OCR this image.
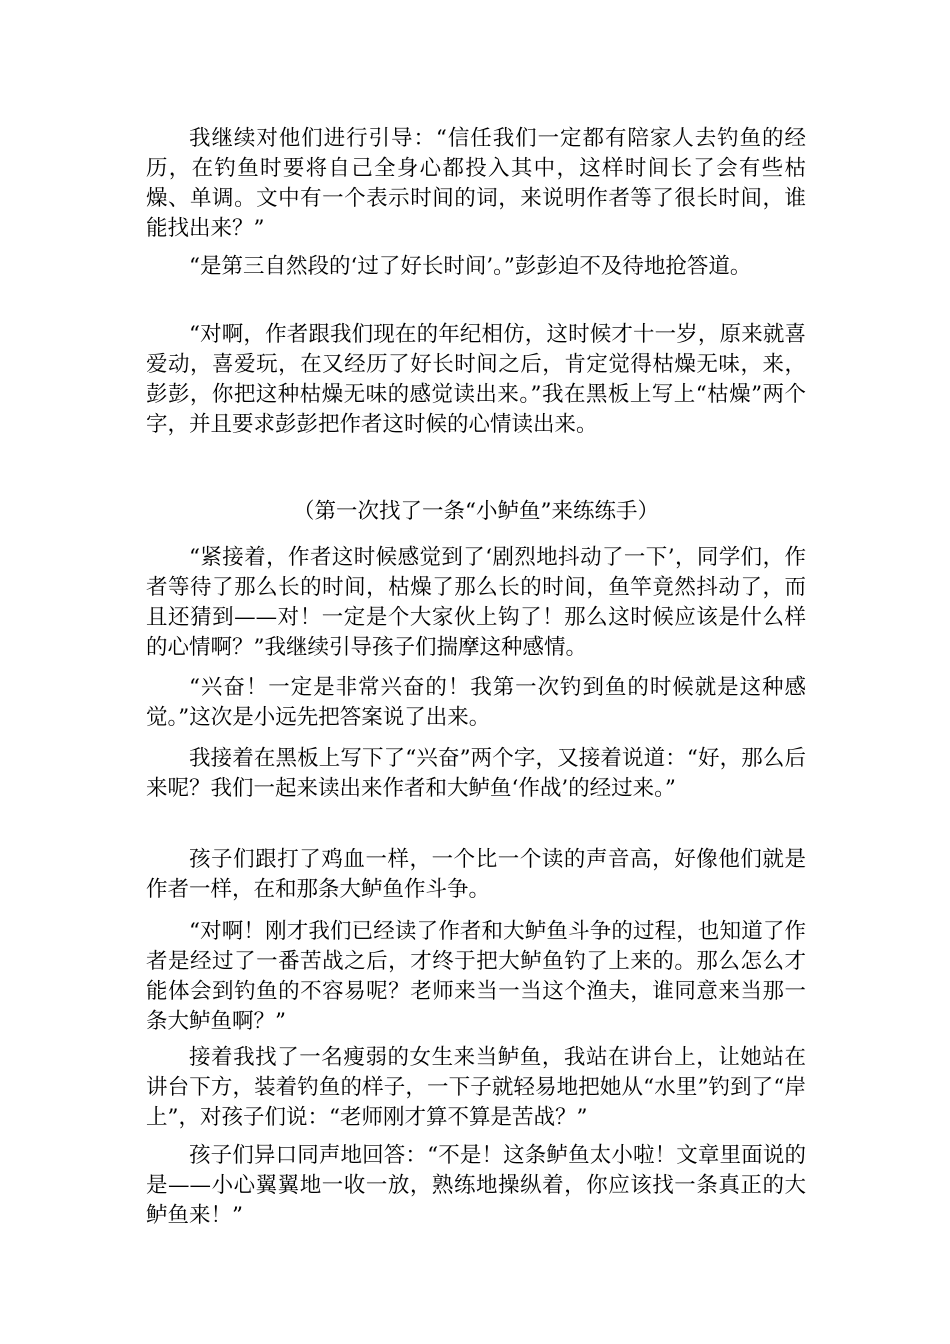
我继续对他们进行引导：“信任我们一定都有陪家人去钓鱼的经历，在钓鱼时要将自己全身心都投入其中，这样时间长了会有些枯燥、单调。文中有一个表示时间的词，来说明作者等了很长时间，谁能找出来？”

“是第三自然段的‘过了好长时间’。”彭彭迫不及待地抢答道。

“对啊，作者跟我们现在的年纪相仿，这时候才十一岁，原来就喜爱动，喜爱玩，在又经历了好长时间之后，肯定觉得枯燥无味，来，彭彭，你把这种枯燥无味的感觉读出来。”我在黑板上写上“枯燥”两个字，并且要求彭彭把作者这时候的心情读出来。

（第一次找了一条“小鲈鱼”来练练手）

“紧接着，作者这时候感觉到了‘剧烈地抖动了一下’，同学们，作者等待了那么长的时间，枯燥了那么长的时间，鱼竿竟然抖动了，而且还猜到——对！一定是个大家伙上钩了！那么这时候应该是什么样的心情啊？”我继续引导孩子们揣摩这种感情。

“兴奋！一定是非常兴奋的！我第一次钓到鱼的时候就是这种感觉。”这次是小远先把答案说了出来。

我接着在黑板上写下了“兴奋”两个字，又接着说道：“好，那么后来呢？我们一起来读出来作者和大鲈鱼‘作战’的经过来。”

孩子们跟打了鸡血一样，一个比一个读的声音高，好像他们就是作者一样，在和那条大鲈鱼作斗争。

“对啊！刚才我们已经读了作者和大鲈鱼斗争的过程，也知道了作者是经过了一番苦战之后，才终于把大鲈鱼钓了上来的。那么怎么才能体会到钓鱼的不容易呢？老师来当一当这个渔夫，谁同意来当那一条大鲈鱼啊？”

接着我找了一名瘦弱的女生来当鲈鱼，我站在讲台上，让她站在讲台下方，装着钓鱼的样子，一下子就轻易地把她从“水里”钓到了“岸上”，对孩子们说：“老师刚才算不算是苦战？”

孩子们异口同声地回答：“不是！这条鲈鱼太小啦！文章里面说的是——小心翼翼地一收一放，熟练地操纵着，你应该找一条真正的大鲈鱼来！”
